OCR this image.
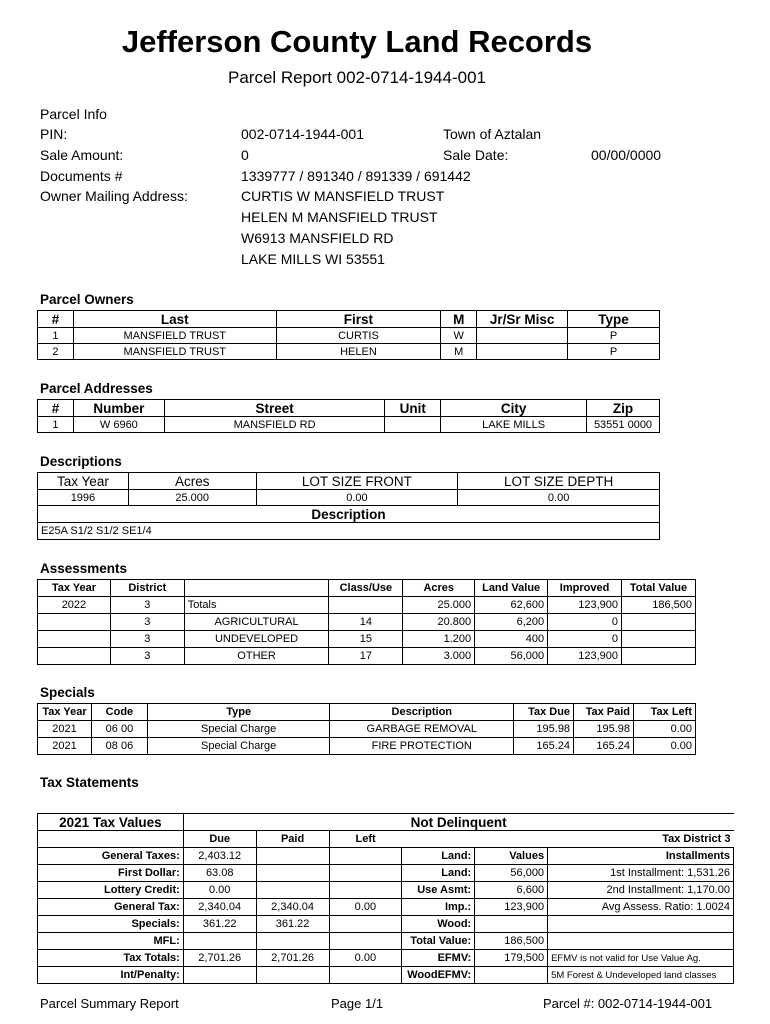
Jefferson County Land Records
Parcel Report 002-0714-1944-001
Parcel Info
PIN:	002-0714-1944-001	Town of Aztalan
Sale Amount:	0	Sale Date:	00/00/0000
Documents #	1339777 / 891340 / 891339 / 691442
Owner Mailing Address:	CURTIS W MANSFIELD TRUST
HELEN M MANSFIELD TRUST
W6913 MANSFIELD RD
LAKE MILLS WI 53551
Parcel Owners
#	Last	First	M	Jr/Sr Misc	Type
1	MANSFIELD TRUST	CURTIS	W		P
2	MANSFIELD TRUST	HELEN	M		P
Parcel Addresses
#	Number	Street	Unit	City	Zip
1	W 6960	MANSFIELD RD		LAKE MILLS	53551 0000
Descriptions
Tax Year	Acres	LOT SIZE FRONT	LOT SIZE DEPTH
1996	25.000	0.00	0.00
Description			
E25A S1/2 S1/2 SE1/4			
Assessments
Tax Year	District		Class/Use	Acres	Land Value	Improved	Total Value
2022	3	Totals		25.000	62,600	123,900	186,500
	3	AGRICULTURAL	14	20.800	6,200	0	
	3	UNDEVELOPED	15	1.200	400	0	
	3	OTHER	17	3.000	56,000	123,900	
Specials
Tax Year	Code	Type	Description	Tax Due	Tax Paid	Tax Left
2021	06 00	Special Charge	GARBAGE REMOVAL	195.98	195.98	0.00
2021	08 06	Special Charge	FIRE PROTECTION	165.24	165.24	0.00
Tax Statements
2021 Tax Values	Not Delinquent					
	Due	Paid	Left			Tax District 3
General Taxes:	2,403.12			Land:	Values	Installments
First Dollar:	63.08			Land:	56,000	1st Installment: 1,531.26
Lottery Credit:	0.00			Use Asmt:	6,600	2nd Installment: 1,170.00
General Tax:	2,340.04	2,340.04	0.00	Imp.:	123,900	Avg Assess. Ratio: 1.0024
Specials:	361.22	361.22		Wood:		
MFL:				Total Value:	186,500	
Tax Totals:	2,701.26	2,701.26	0.00	EFMV:	179,500	EFMV is not valid for Use Value Ag.
Int/Penalty:				WoodEFMV:		5M Forest & Undeveloped land classes
Parcel Summary Report	Page 1/1	Parcel #: 002-0714-1944-001
